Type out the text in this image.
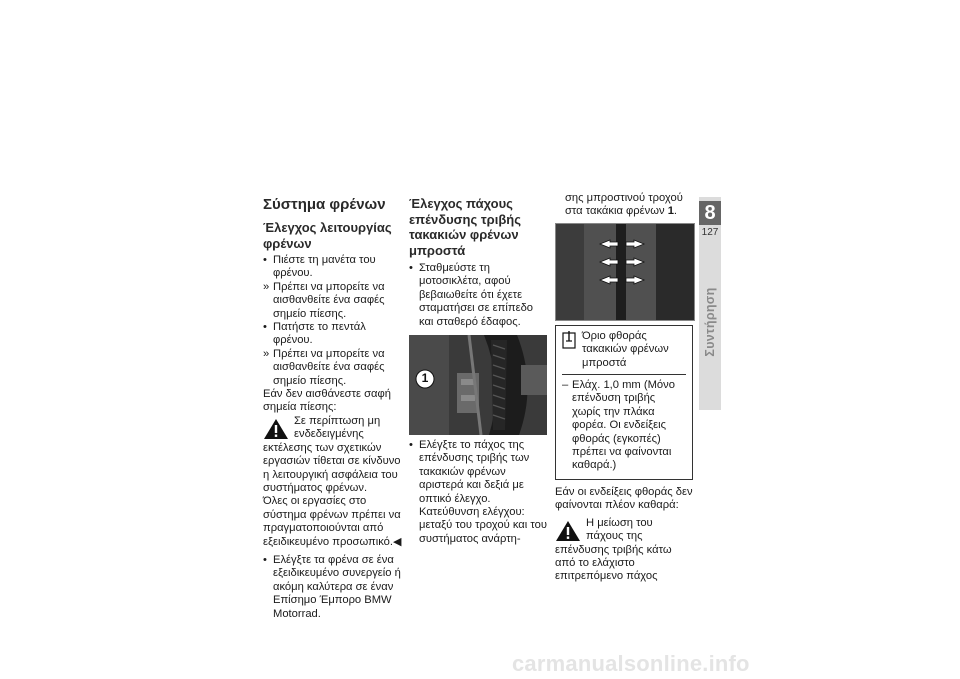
Σύστημα φρένων
Έλεγχος λειτουργίας φρένων

• Πιέστε τη μανέτα του φρένου.

» Πρέπει να μπορείτε να αισθανθείτε ένα σαφές σημείο πίεσης.

• Πατήστε το πεντάλ φρένου.

» Πρέπει να μπορείτε να αισθανθείτε ένα σαφές σημείο πίεσης.

Εάν δεν αισθάνεστε σαφή σημεία πίεσης:

Σε περίπτωση μη ενδεδειγμένης εκτέλεσης των σχετικών εργασιών τίθεται σε κίνδυνο η λειτουργική ασφάλεια του συστήματος φρένων.

Όλες οι εργασίες στο σύστημα φρένων πρέπει να πραγματοποιούνται από εξειδικευμένο προσωπικό.◀

• Ελέγξτε τα φρένα σε ένα εξειδικευμένο συνεργείο ή ακόμη καλύτερα σε έναν Επίσημο Έμπορο BMW Motorrad.

Έλεγχος πάχους επένδυσης τριβής τακακιών φρένων μπροστά

• Σταθμεύστε τη μοτοσικλέτα, αφού βεβαιωθείτε ότι έχετε σταματήσει σε επίπεδο και σταθερό έδαφος.

1

• Ελέγξτε το πάχος της επένδυσης τριβής των τακακιών φρένων αριστερά και δεξιά με οπτικό έλεγχο. Κατεύθυνση ελέγχου: μεταξύ του τροχού και του συστήματος ανάρτη-

σης μπροστινού τροχού στα τακάκια φρένων 1.

Όριο φθοράς τακακιών φρένων μπροστά

– Ελάχ. 1,0 mm (Μόνο επένδυση τριβής χωρίς την πλάκα φορέα. Οι ενδείξεις φθοράς (εγκοπές) πρέπει να φαίνονται καθαρά.)

Εάν οι ενδείξεις φθοράς δεν φαίνονται πλέον καθαρά:

Η μείωση του πάχους της επένδυσης τριβής κάτω από το ελάχιστο επιτρεπόμενο πάχος

8
127
Συντήρηση
carmanualsonline.info
